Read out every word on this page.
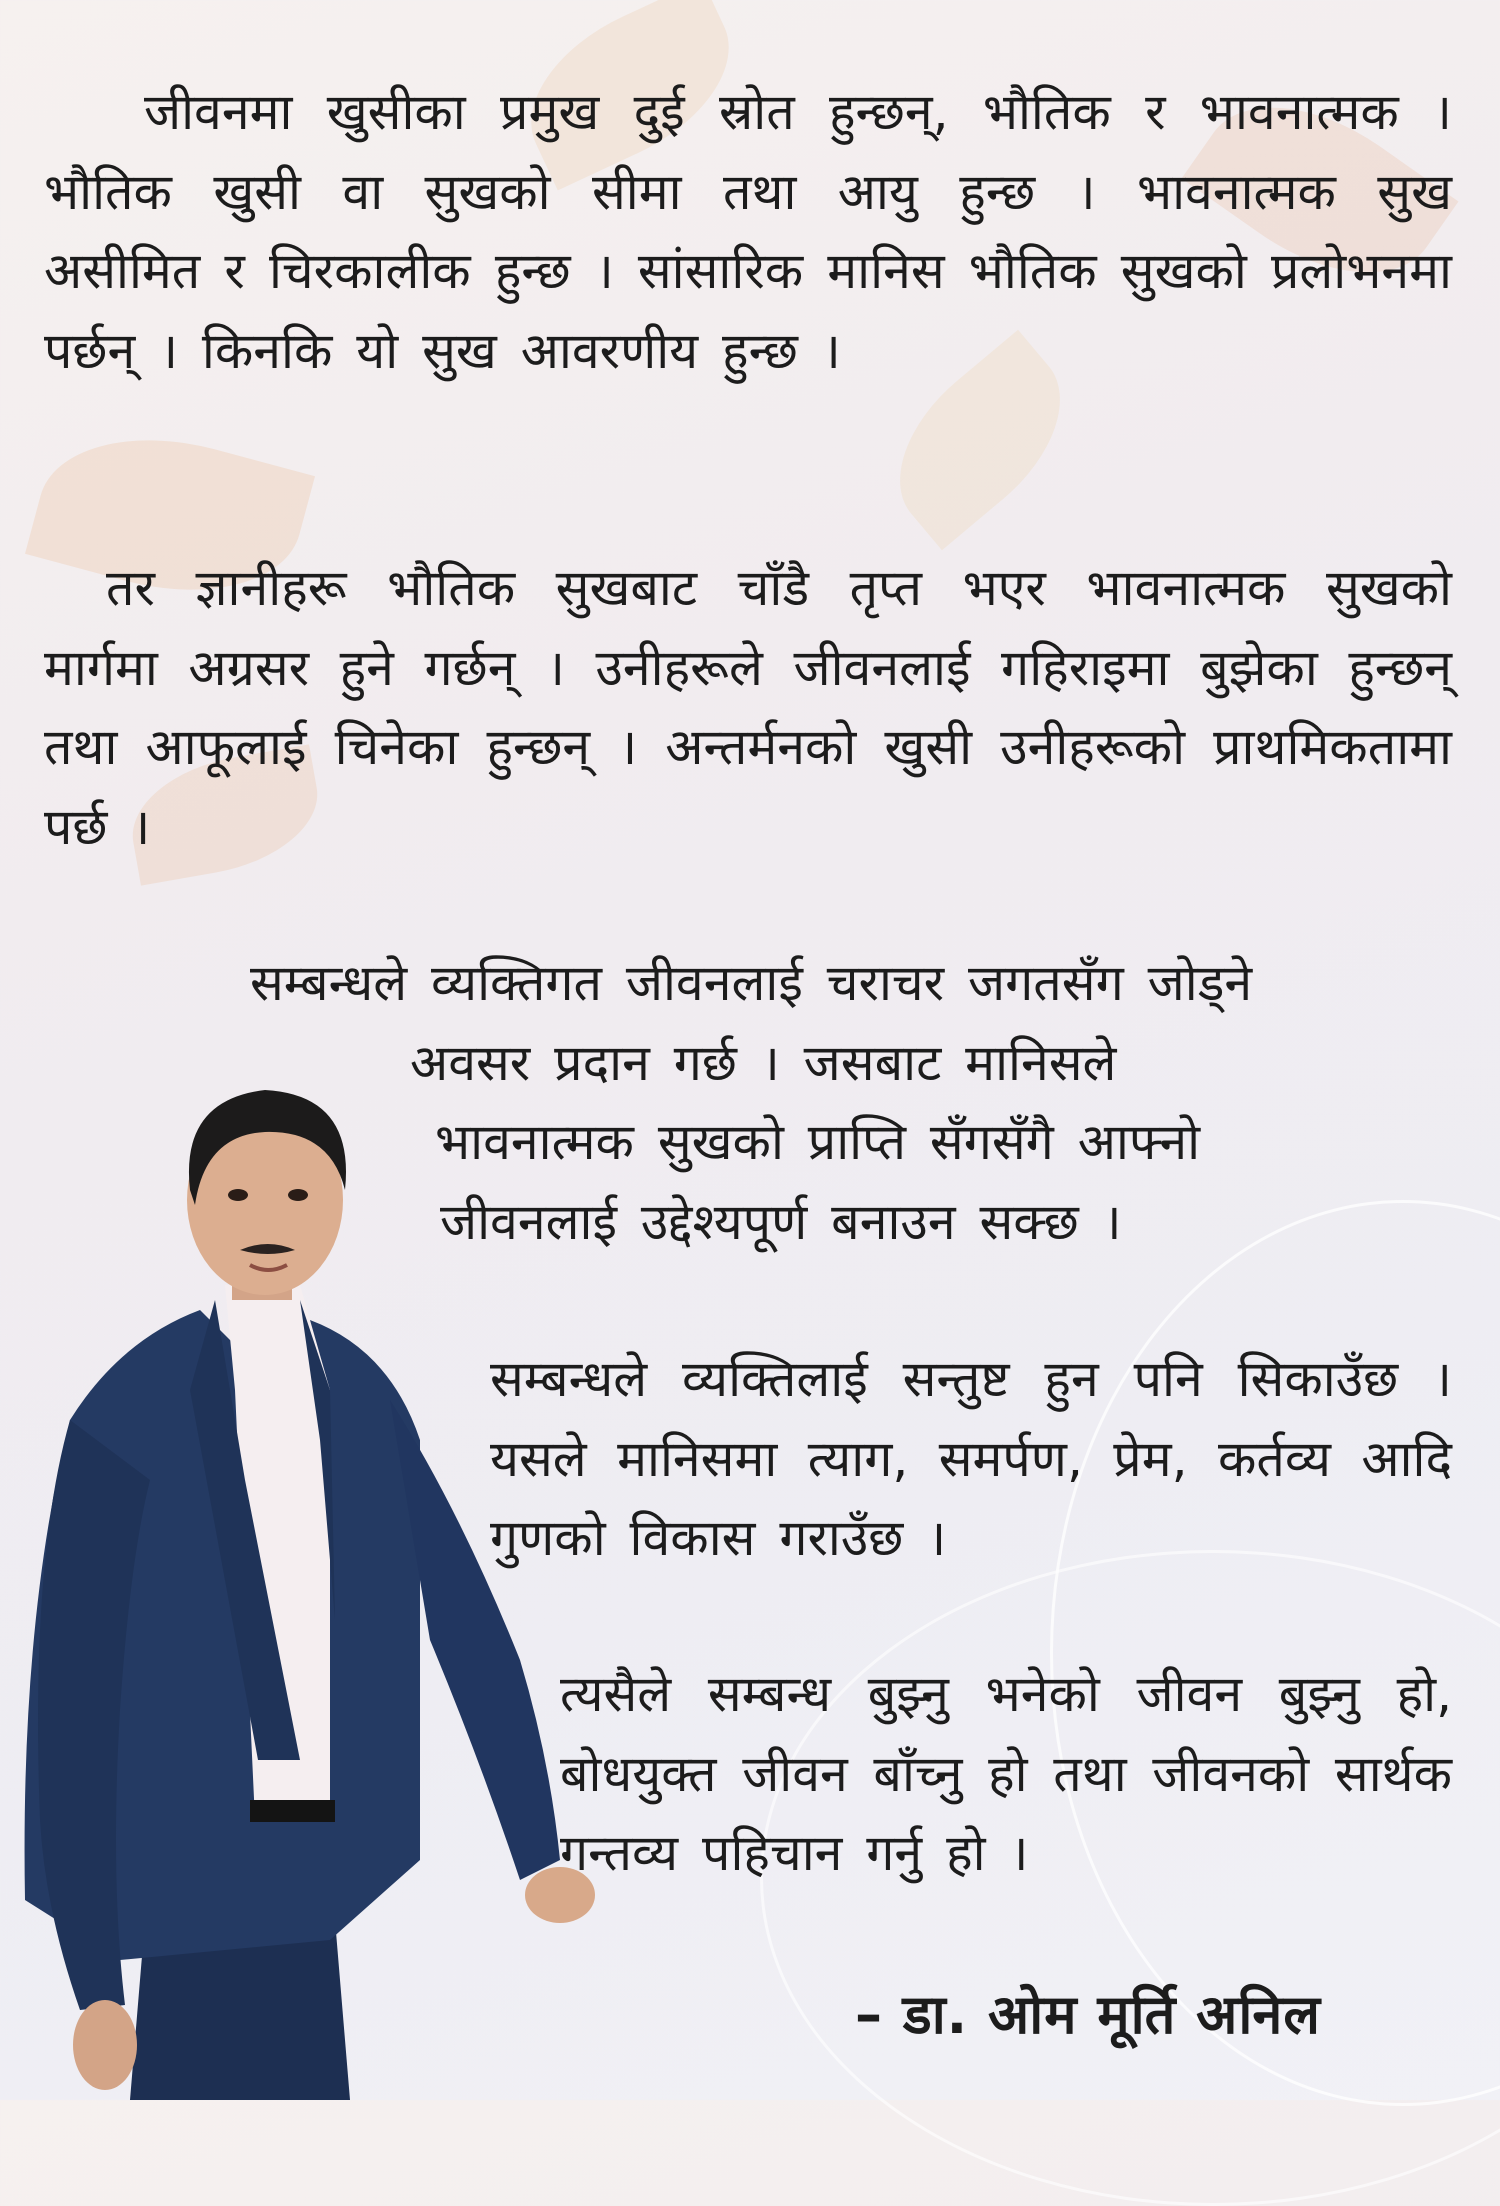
जीवनमा खुसीका प्रमुख दुई स्रोत हुन्छन्, भौतिक र भावनात्मक । भौतिक खुसी वा सुखको सीमा तथा आयु हुन्छ । भावनात्मक सुख असीमित र चिरकालीक हुन्छ । सांसारिक मानिस भौतिक सुखको प्रलोभनमा पर्छन् । किनकि यो सुख आवरणीय हुन्छ ।

तर ज्ञानीहरू भौतिक सुखबाट चाँडै तृप्त भएर भावनात्मक सुखको मार्गमा अग्रसर हुने गर्छन् । उनीहरूले जीवनलाई गहिराइमा बुझेका हुन्छन् तथा आफूलाई चिनेका हुन्छन् । अन्तर्मनको खुसी उनीहरूको प्राथमिकतामा पर्छ ।

सम्बन्धले व्यक्तिगत जीवनलाई चराचर जगतसँग जोड्ने
अवसर प्रदान गर्छ । जसबाट मानिसले
भावनात्मक सुखको प्राप्ति सँगसँगै आफ्नो
जीवनलाई उद्देश्यपूर्ण बनाउन सक्छ ।

सम्बन्धले व्यक्तिलाई सन्तुष्ट हुन पनि सिकाउँछ । यसले मानिसमा त्याग, समर्पण, प्रेम, कर्तव्य आदि गुणको विकास गराउँछ ।

त्यसैले सम्बन्ध बुझ्नु भनेको जीवन बुझ्नु हो, बोधयुक्त जीवन बाँच्नु हो तथा जीवनको सार्थक गन्तव्य पहिचान गर्नु हो ।

– डा. ओम मूर्ति अनिल
